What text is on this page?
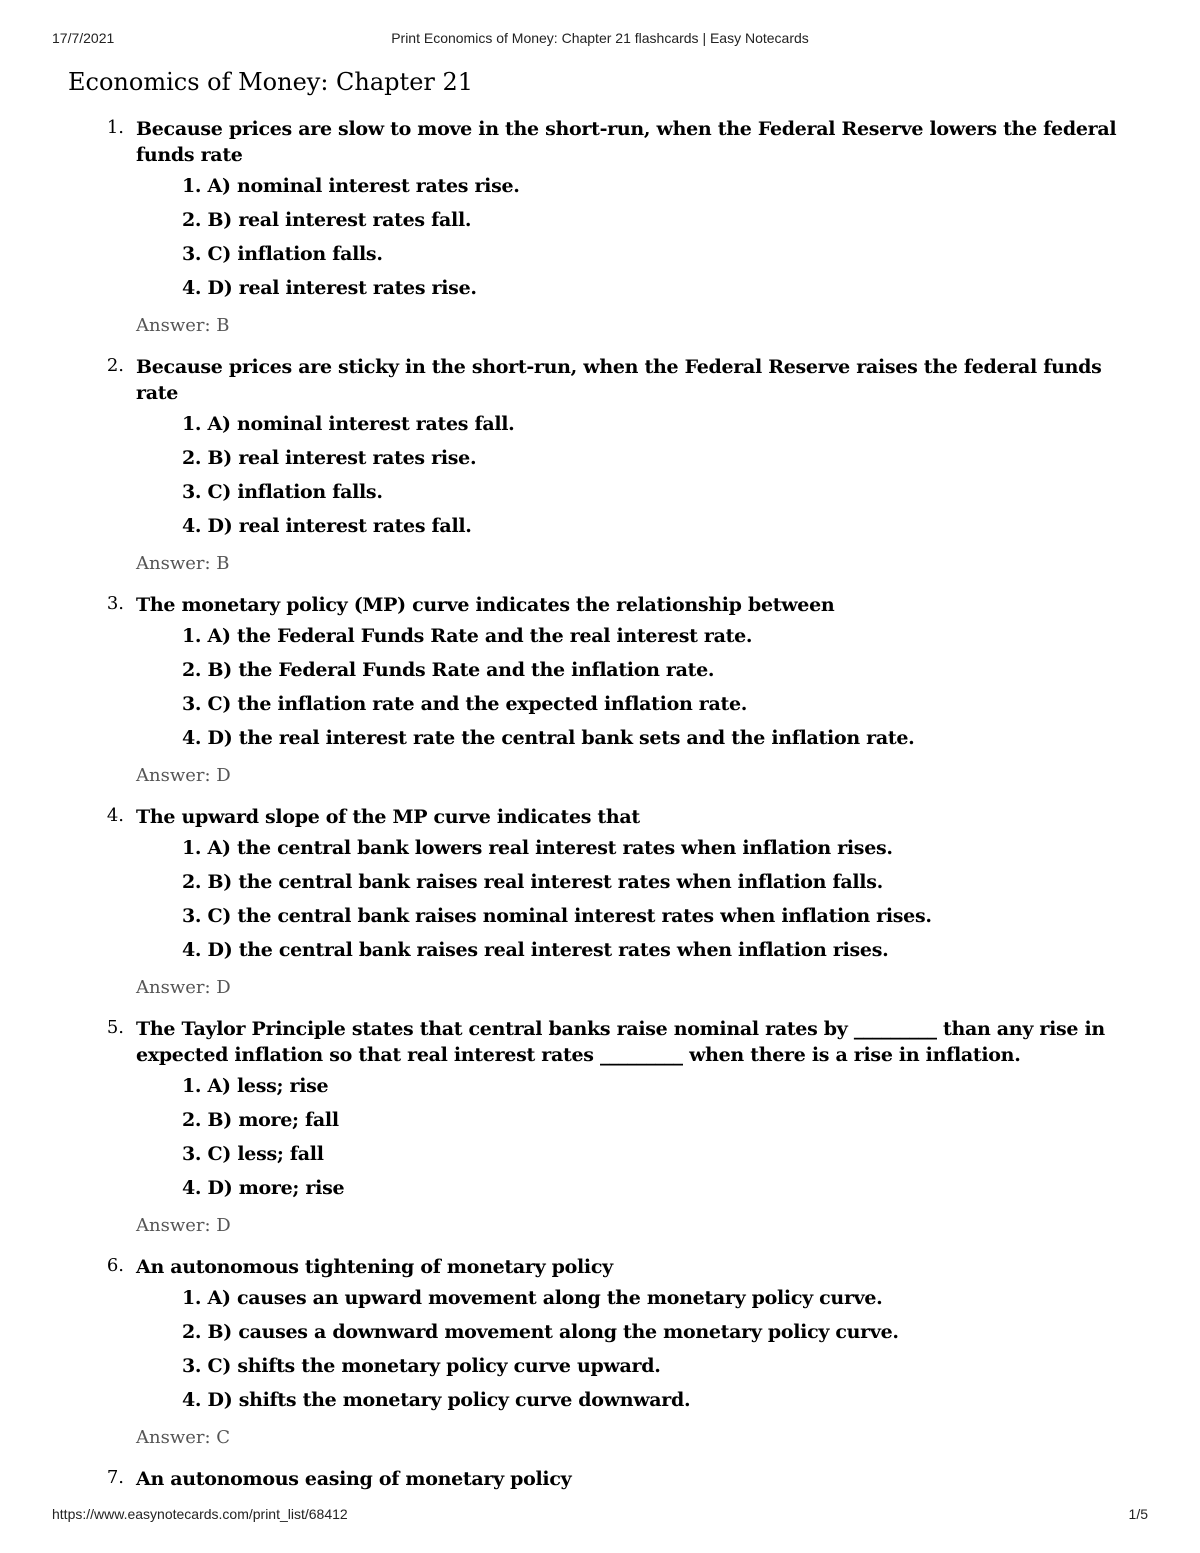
17/7/2021	Print Economics of Money: Chapter 21 flashcards | Easy Notecards
Economics of Money: Chapter 21
1. Because prices are slow to move in the short-run, when the Federal Reserve lowers the federal funds rate
1. A) nominal interest rates rise.
2. B) real interest rates fall.
3. C) inflation falls.
4. D) real interest rates rise.
Answer: B
2. Because prices are sticky in the short-run, when the Federal Reserve raises the federal funds rate
1. A) nominal interest rates fall.
2. B) real interest rates rise.
3. C) inflation falls.
4. D) real interest rates fall.
Answer: B
3. The monetary policy (MP) curve indicates the relationship between
1. A) the Federal Funds Rate and the real interest rate.
2. B) the Federal Funds Rate and the inflation rate.
3. C) the inflation rate and the expected inflation rate.
4. D) the real interest rate the central bank sets and the inflation rate.
Answer: D
4. The upward slope of the MP curve indicates that
1. A) the central bank lowers real interest rates when inflation rises.
2. B) the central bank raises real interest rates when inflation falls.
3. C) the central bank raises nominal interest rates when inflation rises.
4. D) the central bank raises real interest rates when inflation rises.
Answer: D
5. The Taylor Principle states that central banks raise nominal rates by _________ than any rise in expected inflation so that real interest rates _________ when there is a rise in inflation.
1. A) less; rise
2. B) more; fall
3. C) less; fall
4. D) more; rise
Answer: D
6. An autonomous tightening of monetary policy
1. A) causes an upward movement along the monetary policy curve.
2. B) causes a downward movement along the monetary policy curve.
3. C) shifts the monetary policy curve upward.
4. D) shifts the monetary policy curve downward.
Answer: C
7. An autonomous easing of monetary policy
https://www.easynotecards.com/print_list/68412	1/5
